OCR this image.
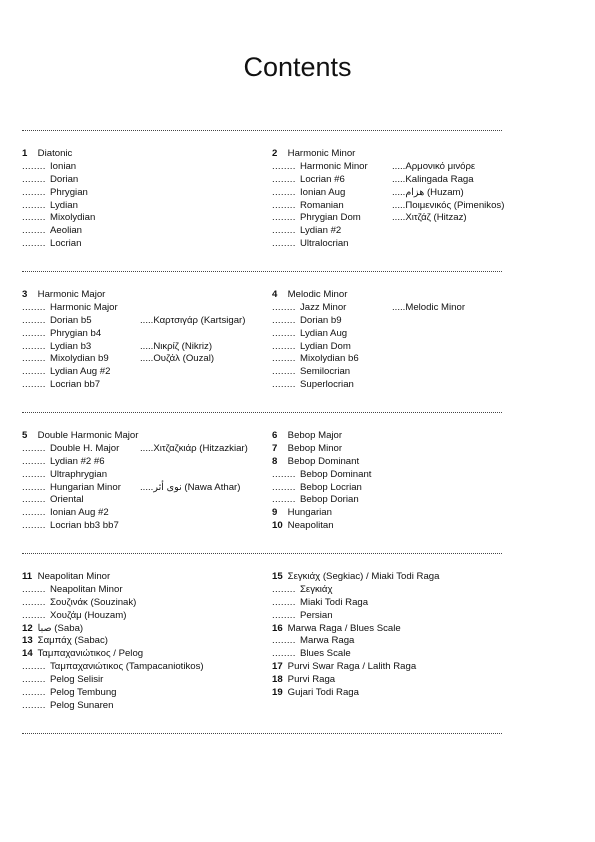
Contents
1 Diatonic
........ Ionian
........ Dorian
........ Phrygian
........ Lydian
........ Mixolydian
........ Aeolian
........ Locrian
2 Harmonic Minor
........ Harmonic Minor
........ Locrian #6
........ Ionian Aug
........ Romanian
........ Phrygian Dom
........ Lydian #2
........ Ultralocrian
.....Αρμονικό μινόρε
.....Kalingada Raga
.....هزام (Huzam)
.....Ποιμενικός (Pimenikos)
.....Χιτζάζ (Hitzaz)
3 Harmonic Major
........ Harmonic Major
........ Dorian b5
........ Phrygian b4
........ Lydian b3
........ Mixolydian b9
........ Lydian Aug #2
........ Locrian bb7
.....Καρτσιγάρ (Kartsigar)
.....Νικρίζ (Nikriz)
.....Ουζάλ (Ouzal)
4 Melodic Minor
........ Jazz Minor
........ Dorian b9
........ Lydian Aug
........ Lydian Dom
........ Mixolydian b6
........ Semilocrian
........ Superlocrian
.....Melodic Minor
5 Double Harmonic Major
........ Double H. Major
........ Lydian #2 #6
........ Ultraphrygian
........ Hungarian Minor
........ Oriental
........ Ionian Aug #2
........ Locrian bb3 bb7
.....Χιτζαζκιάρ (Hitzazkiar)
.....نوى أثر (Nawa Athar)
6 Bebop Major
7 Bebop Minor
8 Bebop Dominant
........ Bebop Dominant
........ Bebop Locrian
........ Bebop Dorian
9 Hungarian
10 Neapolitan
11 Neapolitan Minor
........ Neapolitan Minor
........ Σουζινάκ (Souzinak)
........ Χουζάμ (Houzam)
12 صبا (Saba)
13 Σαμπάχ (Sabac)
14 Ταμπαχανιώτικος / Pelog
........ Ταμπαχανιώτικος (Tampacaniotikos)
........ Pelog Selisir
........ Pelog Tembung
........ Pelog Sunaren
15 Σεγκιάχ (Segkiac) / Miaki Todi Raga
........ Σεγκιάχ
........ Miaki Todi Raga
........ Persian
16 Marwa Raga / Blues Scale
........ Marwa Raga
........ Blues Scale
17 Purvi Swar Raga / Lalith Raga
18 Purvi Raga
19 Gujari Todi Raga
